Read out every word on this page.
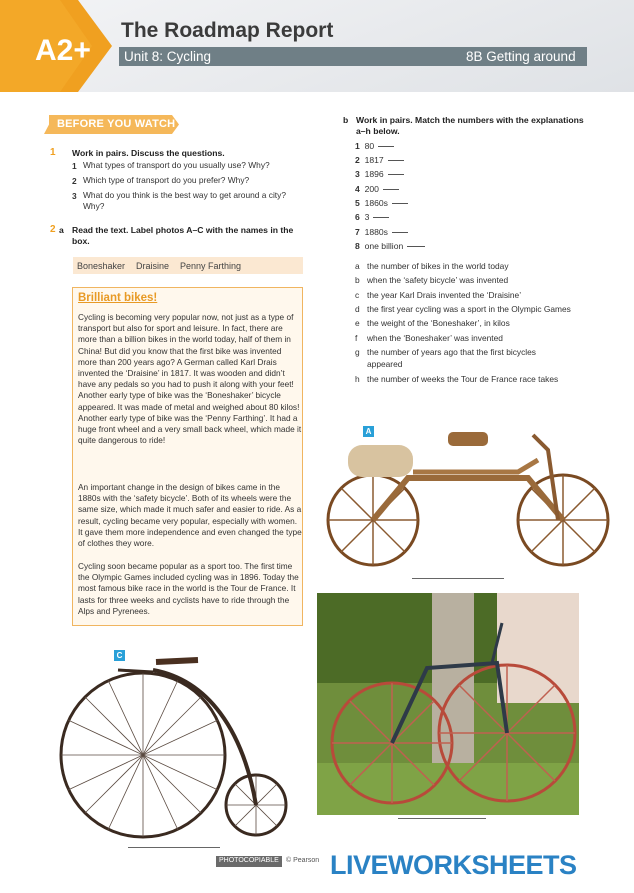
A2+
The Roadmap Report
Unit 8: Cycling	8B Getting around
BEFORE YOU WATCH
1 Work in pairs. Discuss the questions.
1 What types of transport do you usually use? Why?
2 Which type of transport do you prefer? Why?
3 What do you think is the best way to get around a city? Why?
2 a Read the text. Label photos A–C with the names in the box.
Boneshaker Draisine Penny Farthing
Brilliant bikes!
Cycling is becoming very popular now, not just as a type of transport but also for sport and leisure. In fact, there are more than a billion bikes in the world today, half of them in China! But did you know that the first bike was invented more than 200 years ago? A German called Karl Drais invented the ‘Draisine’ in 1817. It was wooden and didn’t have any pedals so you had to push it along with your feet! Another early type of bike was the ‘Boneshaker’ bicycle appeared. It was made of metal and weighed about 80 kilos! Another early type of bike was the ‘Penny Farthing’. It had a huge front wheel and a very small back wheel, which made it quite dangerous to ride!
An important change in the design of bikes came in the 1880s with the ‘safety bicycle’. Both of its wheels were the same size, which made it much safer and easier to ride. As a result, cycling became very popular, especially with women. It gave them more independence and even changed the type of clothes they wore.
Cycling soon became popular as a sport too. The first time the Olympic Games included cycling was in 1896. Today the most famous bike race in the world is the Tour de France. It lasts for three weeks and cyclists have to ride through the Alps and Pyrenees.
b Work in pairs. Match the numbers with the explanations a–h below.
1 80
2 1817
3 1896
4 200
5 1860s
6 3
7 1880s
8 one billion
a the number of bikes in the world today
b when the ‘safety bicycle’ was invented
c the year Karl Drais invented the ‘Draisine’
d the first year cycling was a sport in the Olympic Games
e the weight of the ‘Boneshaker’, in kilos
f when the ‘Boneshaker’ was invented
g the number of years ago that the first bicycles appeared
h the number of weeks the Tour de France race takes
A
C
PHOTOCOPIABLE © Pearson LIVEWORKSHEETS
